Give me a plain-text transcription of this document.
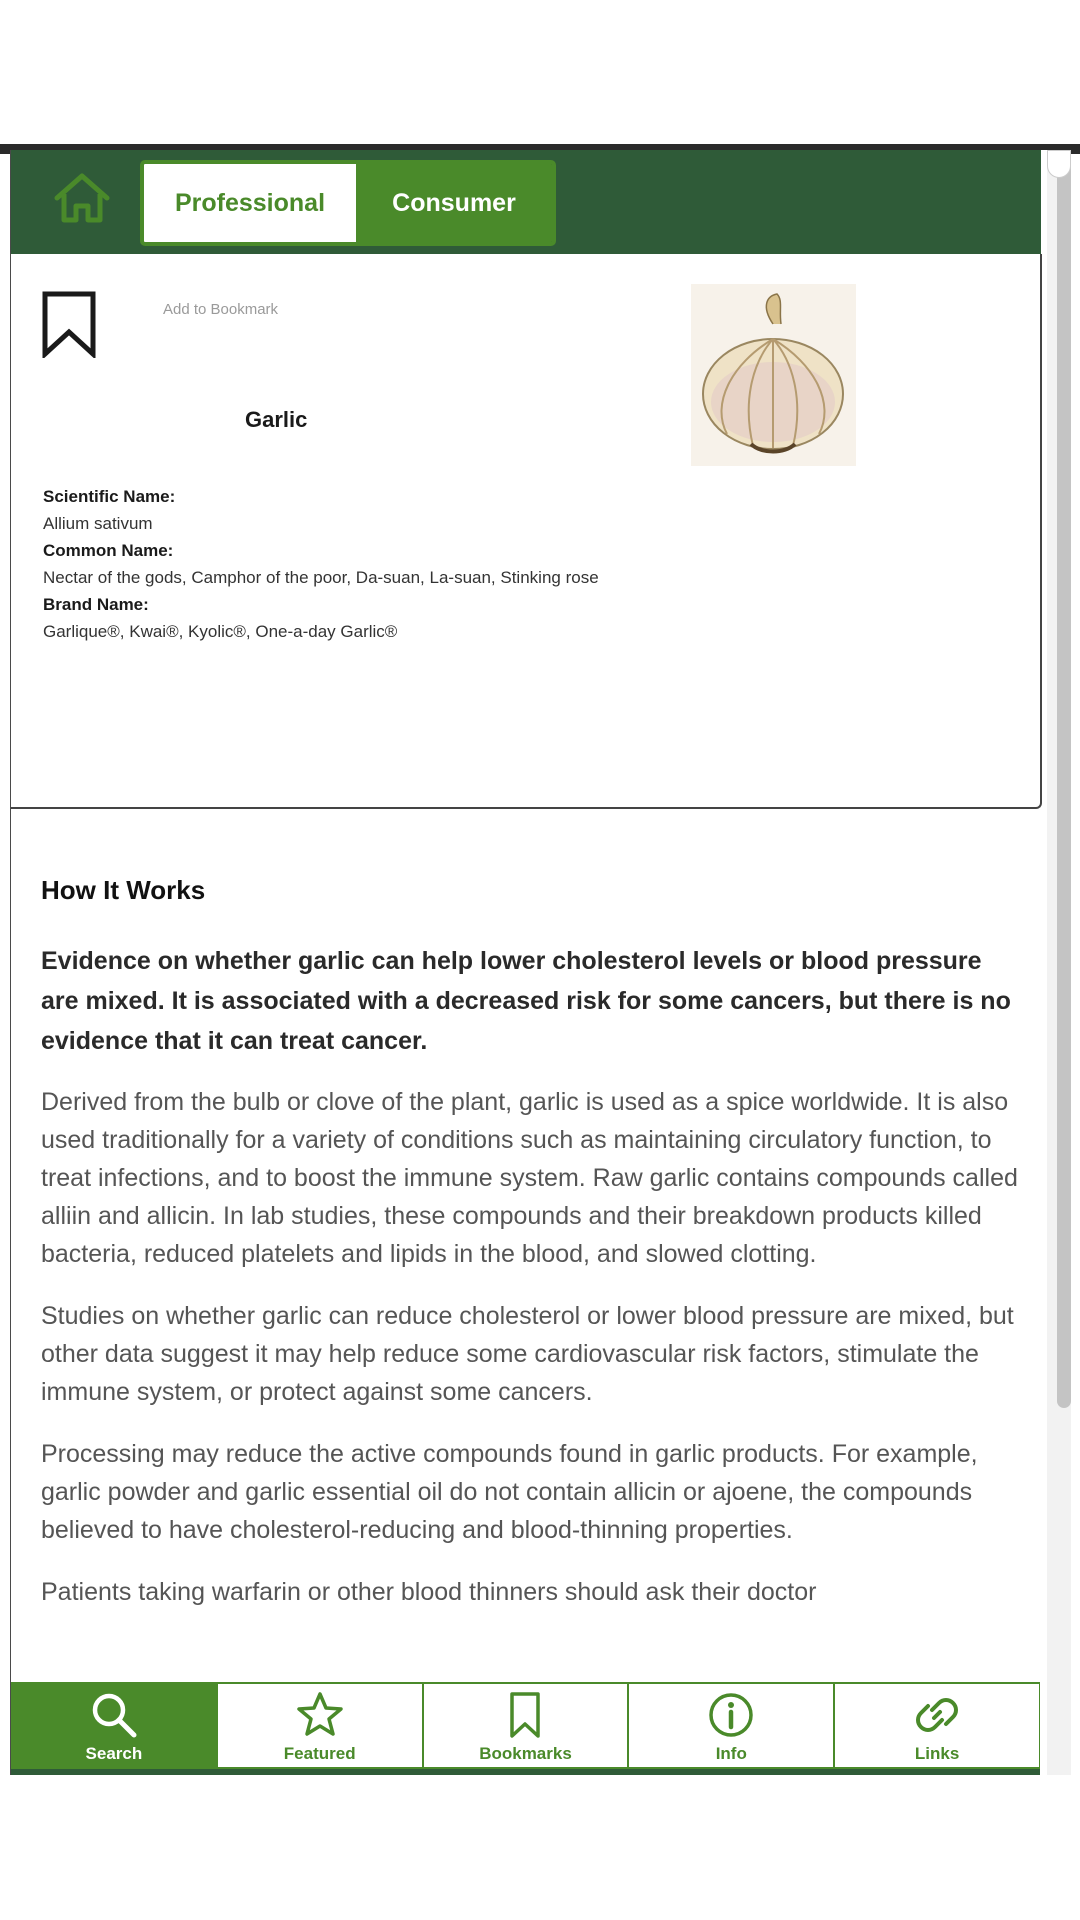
Professional	Consumer
Add to Bookmark
Garlic
Scientific Name:
Allium sativum
Common Name:
Nectar of the gods, Camphor of the poor, Da-suan, La-suan, Stinking rose
Brand Name:
Garlique®, Kwai®, Kyolic®, One-a-day Garlic®
How It Works

Evidence on whether garlic can help lower cholesterol levels or blood pressure are mixed. It is associated with a decreased risk for some cancers, but there is no evidence that it can treat cancer.

Derived from the bulb or clove of the plant, garlic is used as a spice worldwide. It is also used traditionally for a variety of conditions such as maintaining circulatory function, to treat infections, and to boost the immune system. Raw garlic contains compounds called alliin and allicin. In lab studies, these compounds and their breakdown products killed bacteria, reduced platelets and lipids in the blood, and slowed clotting.

Studies on whether garlic can reduce cholesterol or lower blood pressure are mixed, but other data suggest it may help reduce some cardiovascular risk factors, stimulate the immune system, or protect against some cancers.

Processing may reduce the active compounds found in garlic products. For example, garlic powder and garlic essential oil do not contain allicin or ajoene, the compounds believed to have cholesterol-reducing and blood-thinning properties.

Patients taking warfarin or other blood thinners should ask their doctor

Search	Featured	Bookmarks	Info	Links
